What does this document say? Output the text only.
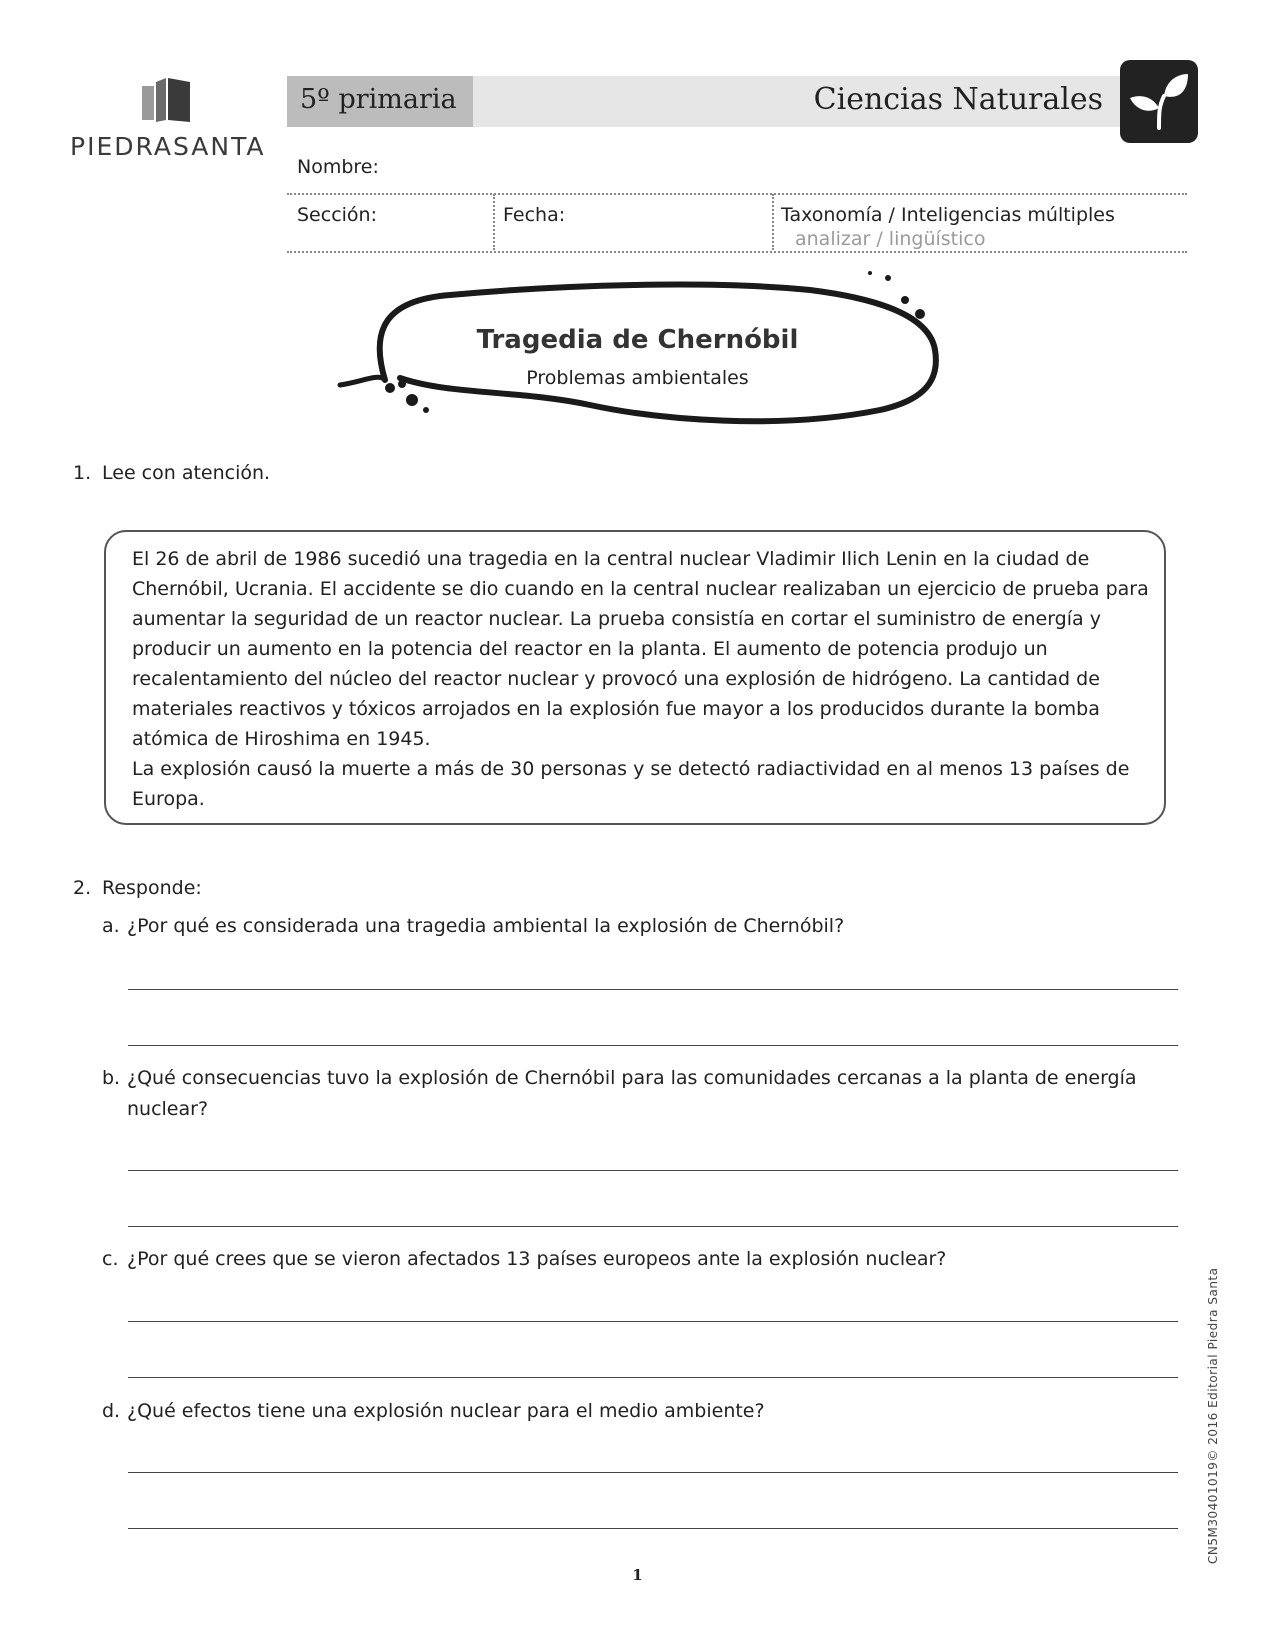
PIEDRASANTA
5º primaria	Ciencias Naturales
Nombre:
Sección:	Fecha:	Taxonomía / Inteligencias múltiples
analizar / lingüístico
Tragedia de Chernóbil
Problemas ambientales
1. Lee con atención.

El 26 de abril de 1986 sucedió una tragedia en la central nuclear Vladimir Ilich Lenin en la ciudad de Chernóbil, Ucrania. El accidente se dio cuando en la central nuclear realizaban un ejercicio de prueba para aumentar la seguridad de un reactor nuclear. La prueba consistía en cortar el suministro de energía y producir un aumento en la potencia del reactor en la planta. El aumento de potencia produjo un recalentamiento del núcleo del reactor nuclear y provocó una explosión de hidrógeno. La cantidad de materiales reactivos y tóxicos arrojados en la explosión fue mayor a los producidos durante la bomba atómica de Hiroshima en 1945.

La explosión causó la muerte a más de 30 personas y se detectó radiactividad en al menos 13 países de Europa.

2. Responde:
a. ¿Por qué es considerada una tragedia ambiental la explosión de Chernóbil?
b. ¿Qué consecuencias tuvo la explosión de Chernóbil para las comunidades cercanas a la planta de energía nuclear?
c. ¿Por qué crees que se vieron afectados 13 países europeos ante la explosión nuclear?
d. ¿Qué efectos tiene una explosión nuclear para el medio ambiente?
1
CN5M30401019© 2016 Editorial Piedra Santa
